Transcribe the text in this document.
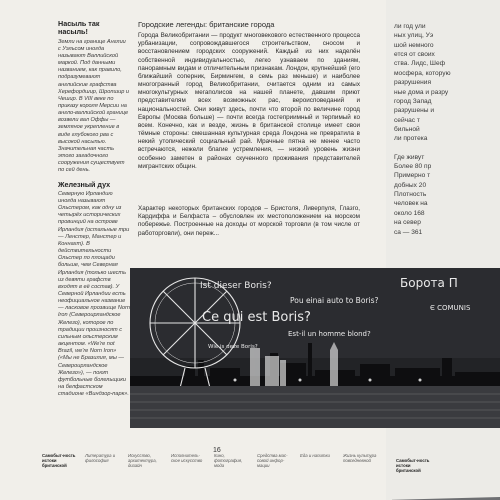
Насыль так насыль!

Земли на границе Англии с Уэльсом иногда называют Валлийской маркой. Под данными названием, как правило, подразумевают английские графства Херефордшир, Шропшир и Чешир. В VIII веке по приказу короля Мерсии на англо-валлийской границе возвели вал Оффы — земляное укрепление в виде глубокого рва с высокой насыпью. Значительная часть этого загадочного сооружения существует по сей день.

Железный дух

Северную Ирландию иногда называют Ольстером, как одну из четырёх исторических провинций на острове Ирландия (остальные три — Ленстер, Манстер и Коннахт). В действительности Ольстер по площади больше, чем Северная Ирландия (только шесть из девяти графств входят в её состав). У Северной Ирландии есть неофициальное название — ласковое прозвище Norn Iron (Североирландское Железо), которое по традиции произносят с сильным ольстерским акцентом. «We're not Brazil, we're Norn Iron» («Мы не Бразилия, мы — Североирландское Железо»), — поют футбольные болельщики на белфастском стадионе «Виндзор-парк».

Городские легенды: британские города

Города Великобритании — продукт многовекового естественного процесса урбанизации, сопровождавшегося строительством, сносом и восстановлением городских сооружений. Каждый из них наделён собственной индивидуальностью, легко узнаваем по зданиям, панорамным видам и отличительным признакам. Лондон, крупнейший (его ближайший соперник, Бирмингем, в семь раз меньше) и наиболее многогранный город Великобритании, считается одним из самых многокультурных мегаполисов на нашей планете, давшим приют представителям всех возможных рас, вероисповеданий и национальностей. Они живут здесь, почти что второй по величине город Европы (Москва больше) — почти всегда гостеприимный и терпимый ко всем. Конечно, как и везде, жизнь в британской столице имеет свои тёмные стороны: смешанная культурная среда Лондона не превратила в некий утопический социальный рай. Мрачные пятна не менее часто встречаются, нежели благие устремления, — низкий уровень жизни особенно заметен в районах скученного проживания представителей мигрантских общин.

Характер некоторых британских городов – Бристоля, Ливерпуля, Глазго, Кардиффа и Белфаста – обусловлен их местоположением на морском побережье. Построенные на доходы от морской торговли (в том числе от работорговли), они переж...

16
Самобыт-ность истоки британской
Литература и философия
Искусство, архитектура, дизайн
Исполнитель-ское искусство
Кино, фотография, мода
Средства мас-совой инфор-мации
Еда и напитки	Жизнь культура повседневной
ли год ули
ных улиц, Уэ
шой немного
ется от своих
ства. Лидс, Шеф
мосфера, которую
разрушения
ные дома и разру
город Запад
разрушены и
сейчас т
бильной
ли протека
Где живут
Более 80 пр
Примерно т
добных 20
Плотность
человек на
около 168
на север
са — 361
Самобыт-ность истоки британской
Ist dieser Boris?
Pou einai auto to Boris?
Ce qui est Boris?
Est-il un homme blond?
Wie is deze Boris?
Борота П
Є COMUNIS
